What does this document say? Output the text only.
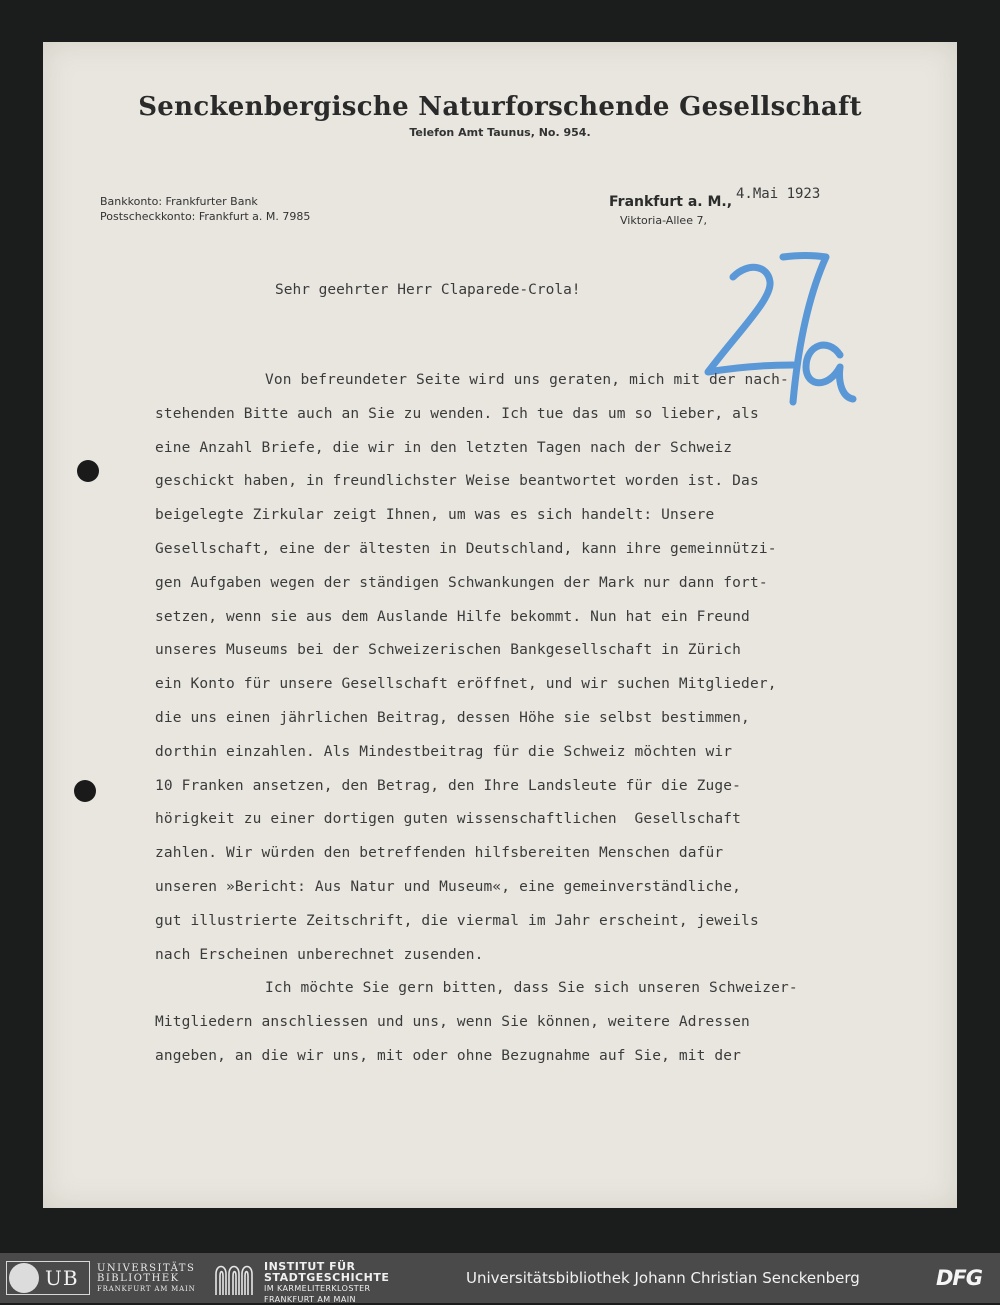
Senckenbergische Naturforschende Gesellschaft
Telefon Amt Taunus, No. 954.
Bankkonto: Frankfurter Bank
Postscheckkonto: Frankfurt a. M. 7985
Frankfurt a. M., 4.Mai 1923
Viktoria-Allee 7,
Sehr geehrter Herr Claparede-Crola!
Von befreundeter Seite wird uns geraten, mich mit der nach-
stehenden Bitte auch an Sie zu wenden. Ich tue das um so lieber, als
eine Anzahl Briefe, die wir in den letzten Tagen nach der Schweiz
geschickt haben, in freundlichster Weise beantwortet worden ist. Das
beigelegte Zirkular zeigt Ihnen, um was es sich handelt: Unsere
Gesellschaft, eine der ältesten in Deutschland, kann ihre gemeinnützi-
gen Aufgaben wegen der ständigen Schwankungen der Mark nur dann fort-
setzen, wenn sie aus dem Auslande Hilfe bekommt. Nun hat ein Freund
unseres Museums bei der Schweizerischen Bankgesellschaft in Zürich
ein Konto für unsere Gesellschaft eröffnet, und wir suchen Mitglieder,
die uns einen jährlichen Beitrag, dessen Höhe sie selbst bestimmen,
dorthin einzahlen. Als Mindestbeitrag für die Schweiz möchten wir
10 Franken ansetzen, den Betrag, den Ihre Landsleute für die Zuge-
hörigkeit zu einer dortigen guten wissenschaftlichen  Gesellschaft
zahlen. Wir würden den betreffenden hilfsbereiten Menschen dafür
unseren »Bericht: Aus Natur und Museum«, eine gemeinverständliche,
gut illustrierte Zeitschrift, die viermal im Jahr erscheint, jeweils
nach Erscheinen unberechnet zusenden.
Ich möchte Sie gern bitten, dass Sie sich unseren Schweizer-
Mitgliedern anschliessen und uns, wenn Sie können, weitere Adressen
angeben, an die wir uns, mit oder ohne Bezugnahme auf Sie, mit der
UB UNIVERSITÄTS
BIBLIOTHEK
FRANKFURT AM MAIN
INSTITUT FÜR
STADTGESCHICHTE
IM KARMELITERKLOSTER
FRANKFURT AM MAIN
Universitätsbibliothek Johann Christian Senckenberg	DFG
